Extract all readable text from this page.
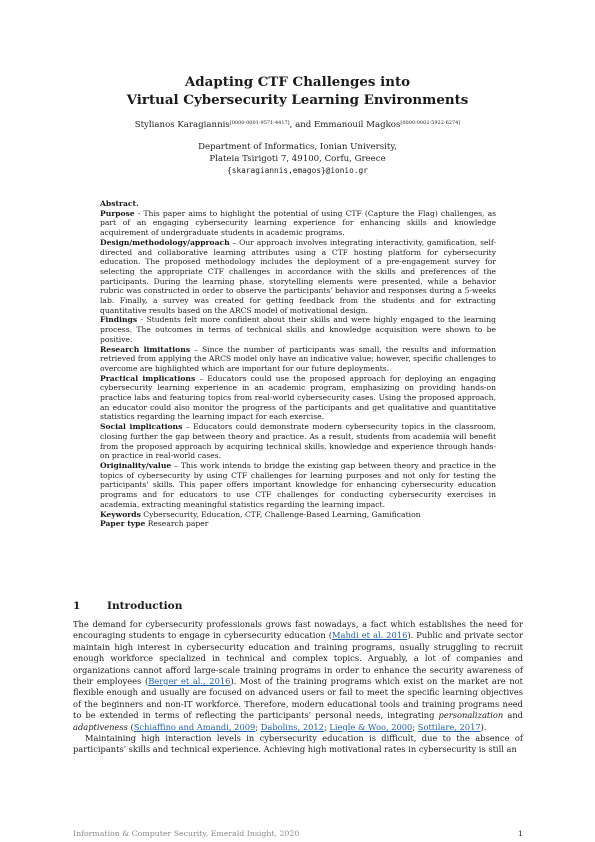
Adapting CTF Challenges into
Virtual Cybersecurity Learning Environments
Stylianos Karagiannis[0000-0001-9571-4417], and Emmanouil Magkos[0000-0002-5922-6274]
Department of Informatics, Ionian University,
Plateia Tsirigoti 7, 49100, Corfu, Greece
{skaragiannis,emagos}@ionio.gr

Abstract.

Purpose - This paper aims to highlight the potential of using CTF (Capture the Flag) challenges, as part of an engaging cybersecurity learning experience for enhancing skills and knowledge acquirement of undergraduate students in academic programs.

Design/methodology/approach – Our approach involves integrating interactivity, gamification, self-directed and collaborative learning attributes using a CTF hosting platform for cybersecurity education. The proposed methodology includes the deployment of a pre-engagement survey for selecting the appropriate CTF challenges in accordance with the skills and preferences of the participants. During the learning phase, storytelling elements were presented, while a behavior rubric was constructed in order to observe the participants' behavior and responses during a 5-weeks lab. Finally, a survey was created for getting feedback from the students and for extracting quantitative results based on the ARCS model of motivational design.

Findings - Students felt more confident about their skills and were highly engaged to the learning process. The outcomes in terms of technical skills and knowledge acquisition were shown to be positive.

Research limitations – Since the number of participants was small, the results and information retrieved from applying the ARCS model only have an indicative value; however, specific challenges to overcome are highlighted which are important for our future deployments.

Practical implications – Educators could use the proposed approach for deploying an engaging cybersecurity learning experience in an academic program, emphasizing on providing hands-on practice labs and featuring topics from real-world cybersecurity cases. Using the proposed approach, an educator could also monitor the progress of the participants and get qualitative and quantitative statistics regarding the learning impact for each exercise.

Social implications – Educators could demonstrate modern cybersecurity topics in the classroom, closing further the gap between theory and practice. As a result, students from academia will benefit from the proposed approach by acquiring technical skills, knowledge and experience through hands-on practice in real-world cases.

Originality/value – This work intends to bridge the existing gap between theory and practice in the topics of cybersecurity by using CTF challenges for learning purposes and not only for testing the participants' skills. This paper offers important knowledge for enhancing cybersecurity education programs and for educators to use CTF challenges for conducting cybersecurity exercises in academia, extracting meaningful statistics regarding the learning impact.

Keywords Cybersecurity, Education, CTF, Challenge-Based Learning, Gamification

Paper type Research paper

1	Introduction

The demand for cybersecurity professionals grows fast nowadays, a fact which establishes the need for encouraging students to engage in cybersecurity education (Mahdi et al. 2016). Public and private sector maintain high interest in cybersecurity education and training programs, usually struggling to recruit enough workforce specialized in technical and complex topics. Arguably, a lot of companies and organizations cannot afford large-scale training programs in order to enhance the security awareness of their employees (Berger et al., 2016). Most of the training programs which exist on the market are not flexible enough and usually are focused on advanced users or fail to meet the specific learning objectives of the beginners and non-IT workforce. Therefore, modern educational tools and training programs need to be extended in terms of reflecting the participants' personal needs, integrating personalization and adaptiveness (Schiaffino and Amandi, 2009; Dabolins, 2012; Liegle & Woo, 2000; Sottilare, 2017).

Maintaining high interaction levels in cybersecurity education is difficult, due to the absence of participants' skills and technical experience. Achieving high motivational rates in cybersecurity is still an

Information & Computer Security, Emerald Insight, 2020	1
